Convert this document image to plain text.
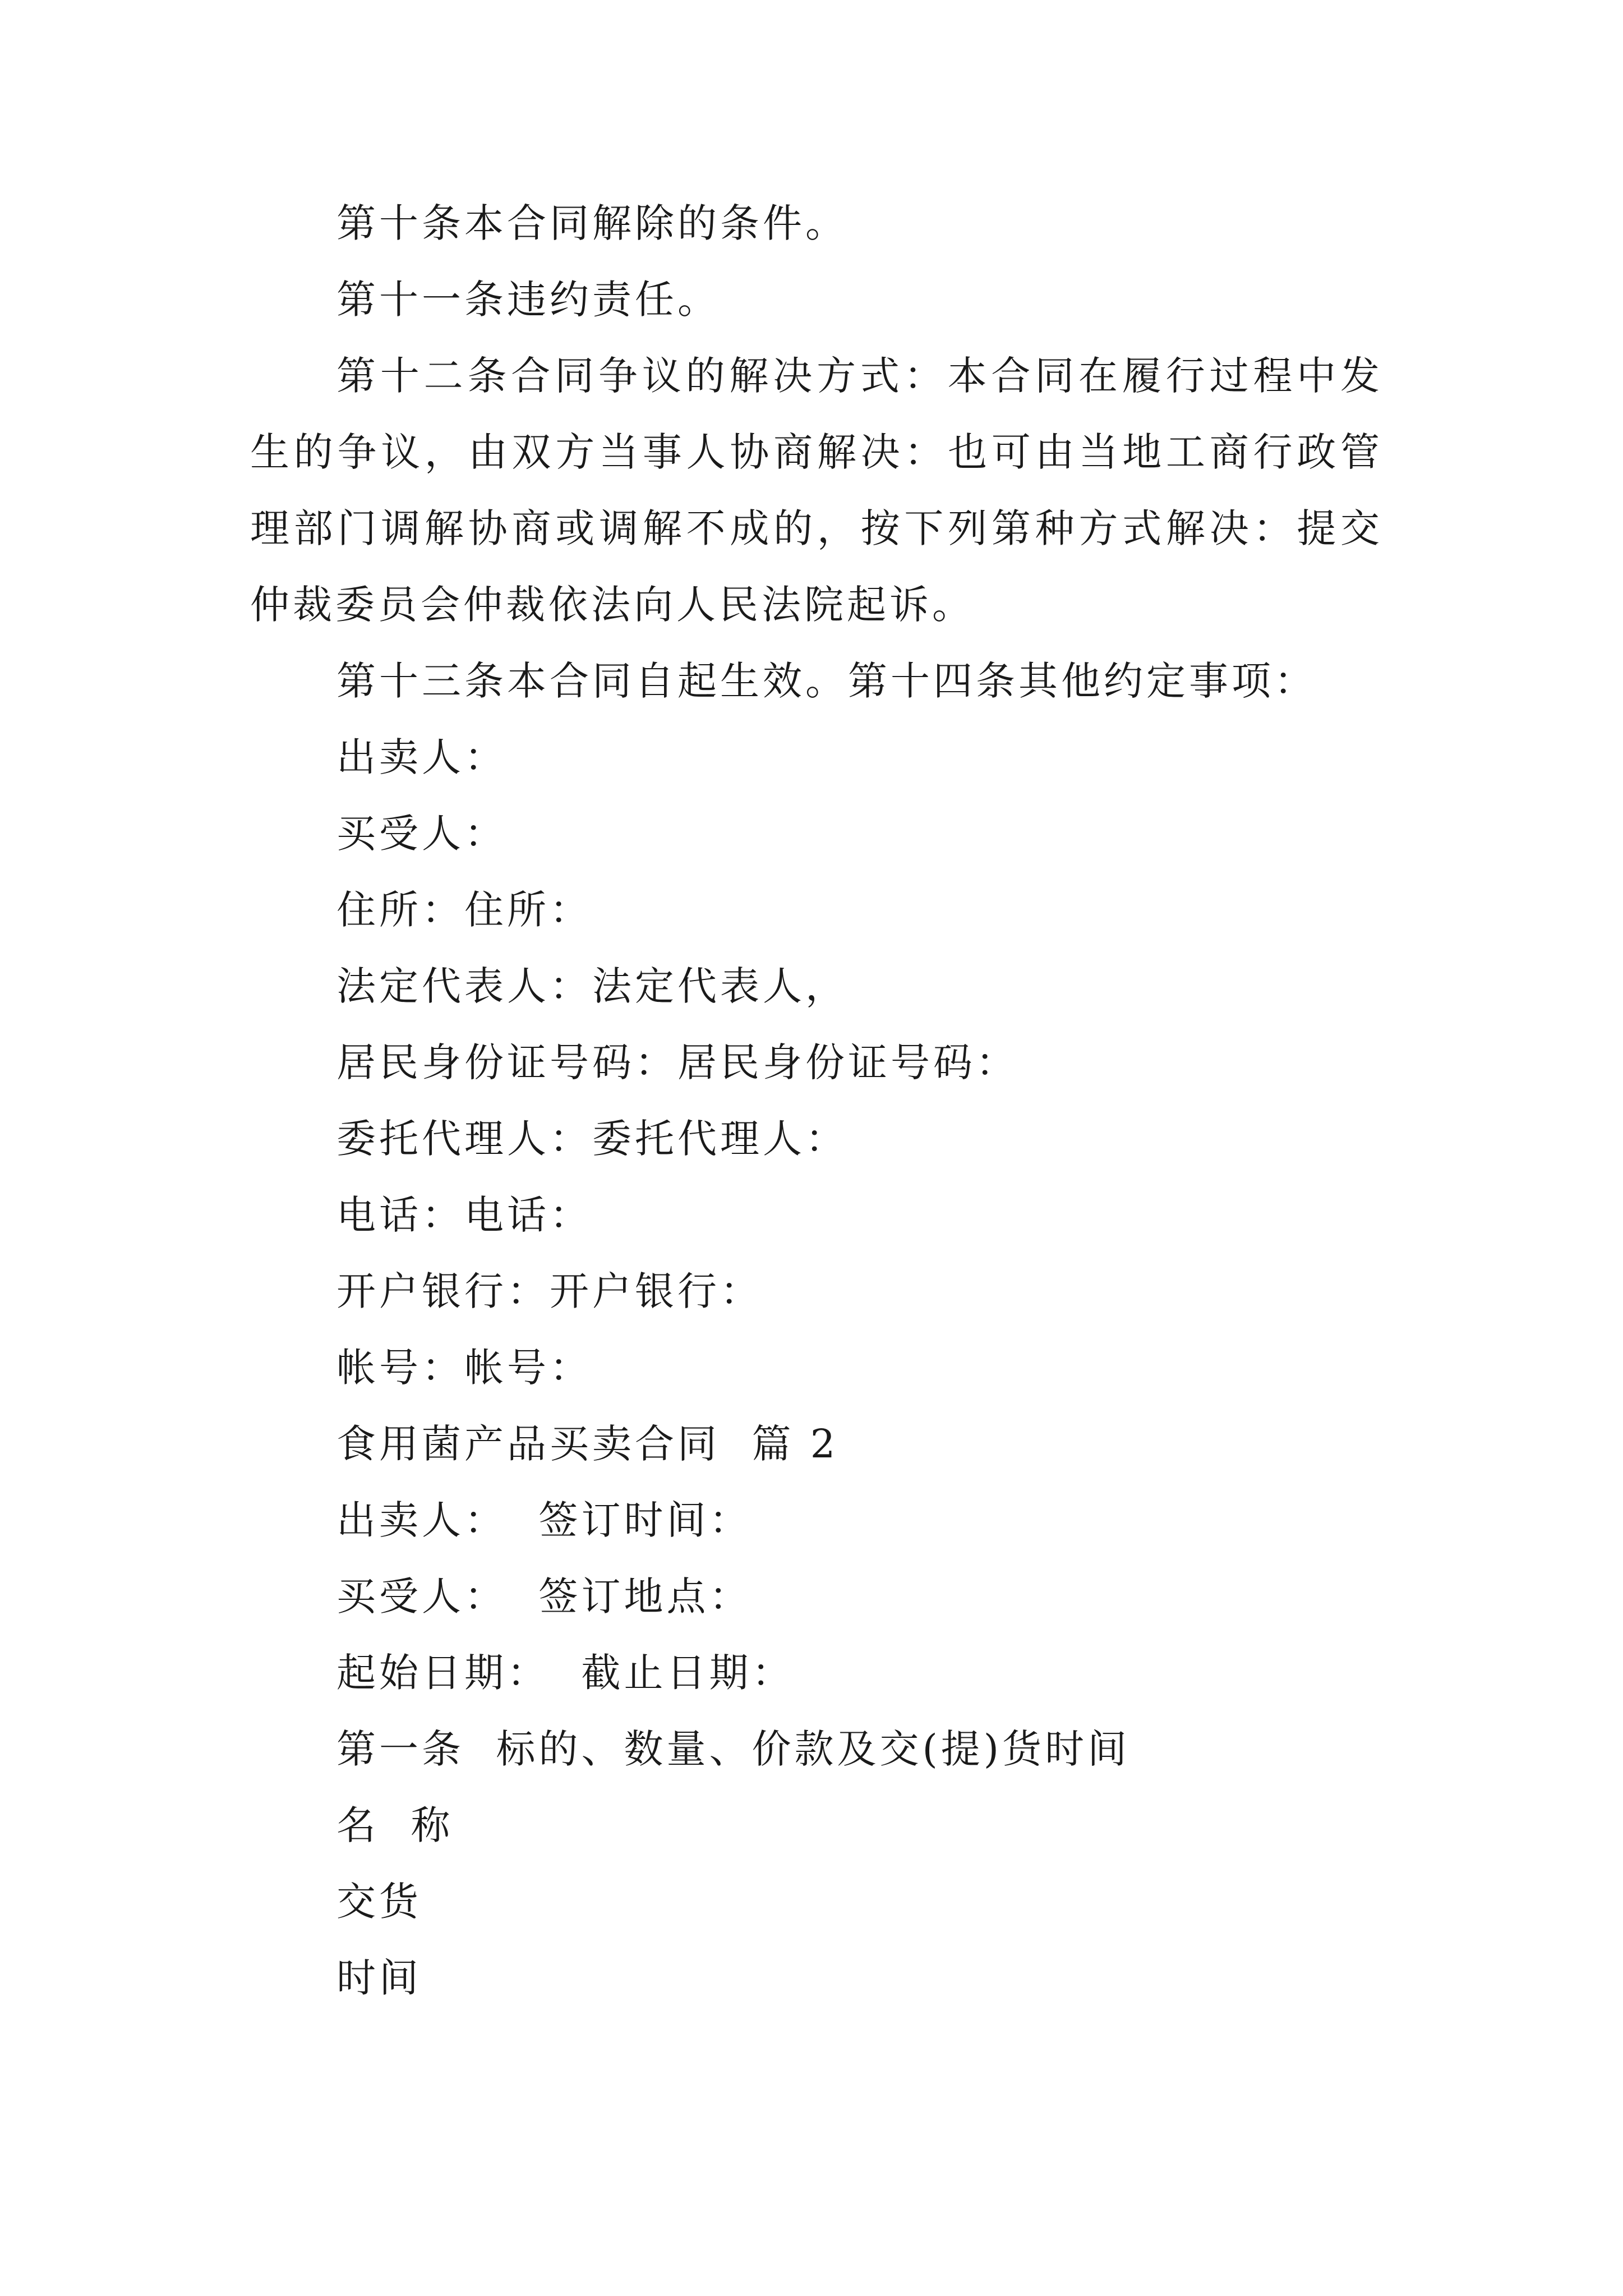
第十条本合同解除的条件。

第十一条违约责任。

第十二条合同争议的解决方式：本合同在履行过程中发生的争议，由双方当事人协商解决：也可由当地工商行政管理部门调解协商或调解不成的，按下列第种方式解决：提交仲裁委员会仲裁依法向人民法院起诉。

第十三条本合同自起生效。第十四条其他约定事项：

出卖人：

买受人：

住所：住所：

法定代表人：法定代表人，

居民身份证号码：居民身份证号码：

委托代理人：委托代理人：

电话：电话：

开户银行：开户银行：

帐号：帐号：

食用菌产品买卖合同  篇 2

出卖人：  签订时间：

买受人：  签订地点：

起始日期：  截止日期：

第一条  标的、数量、价款及交(提)货时间

名  称

交货

时间
